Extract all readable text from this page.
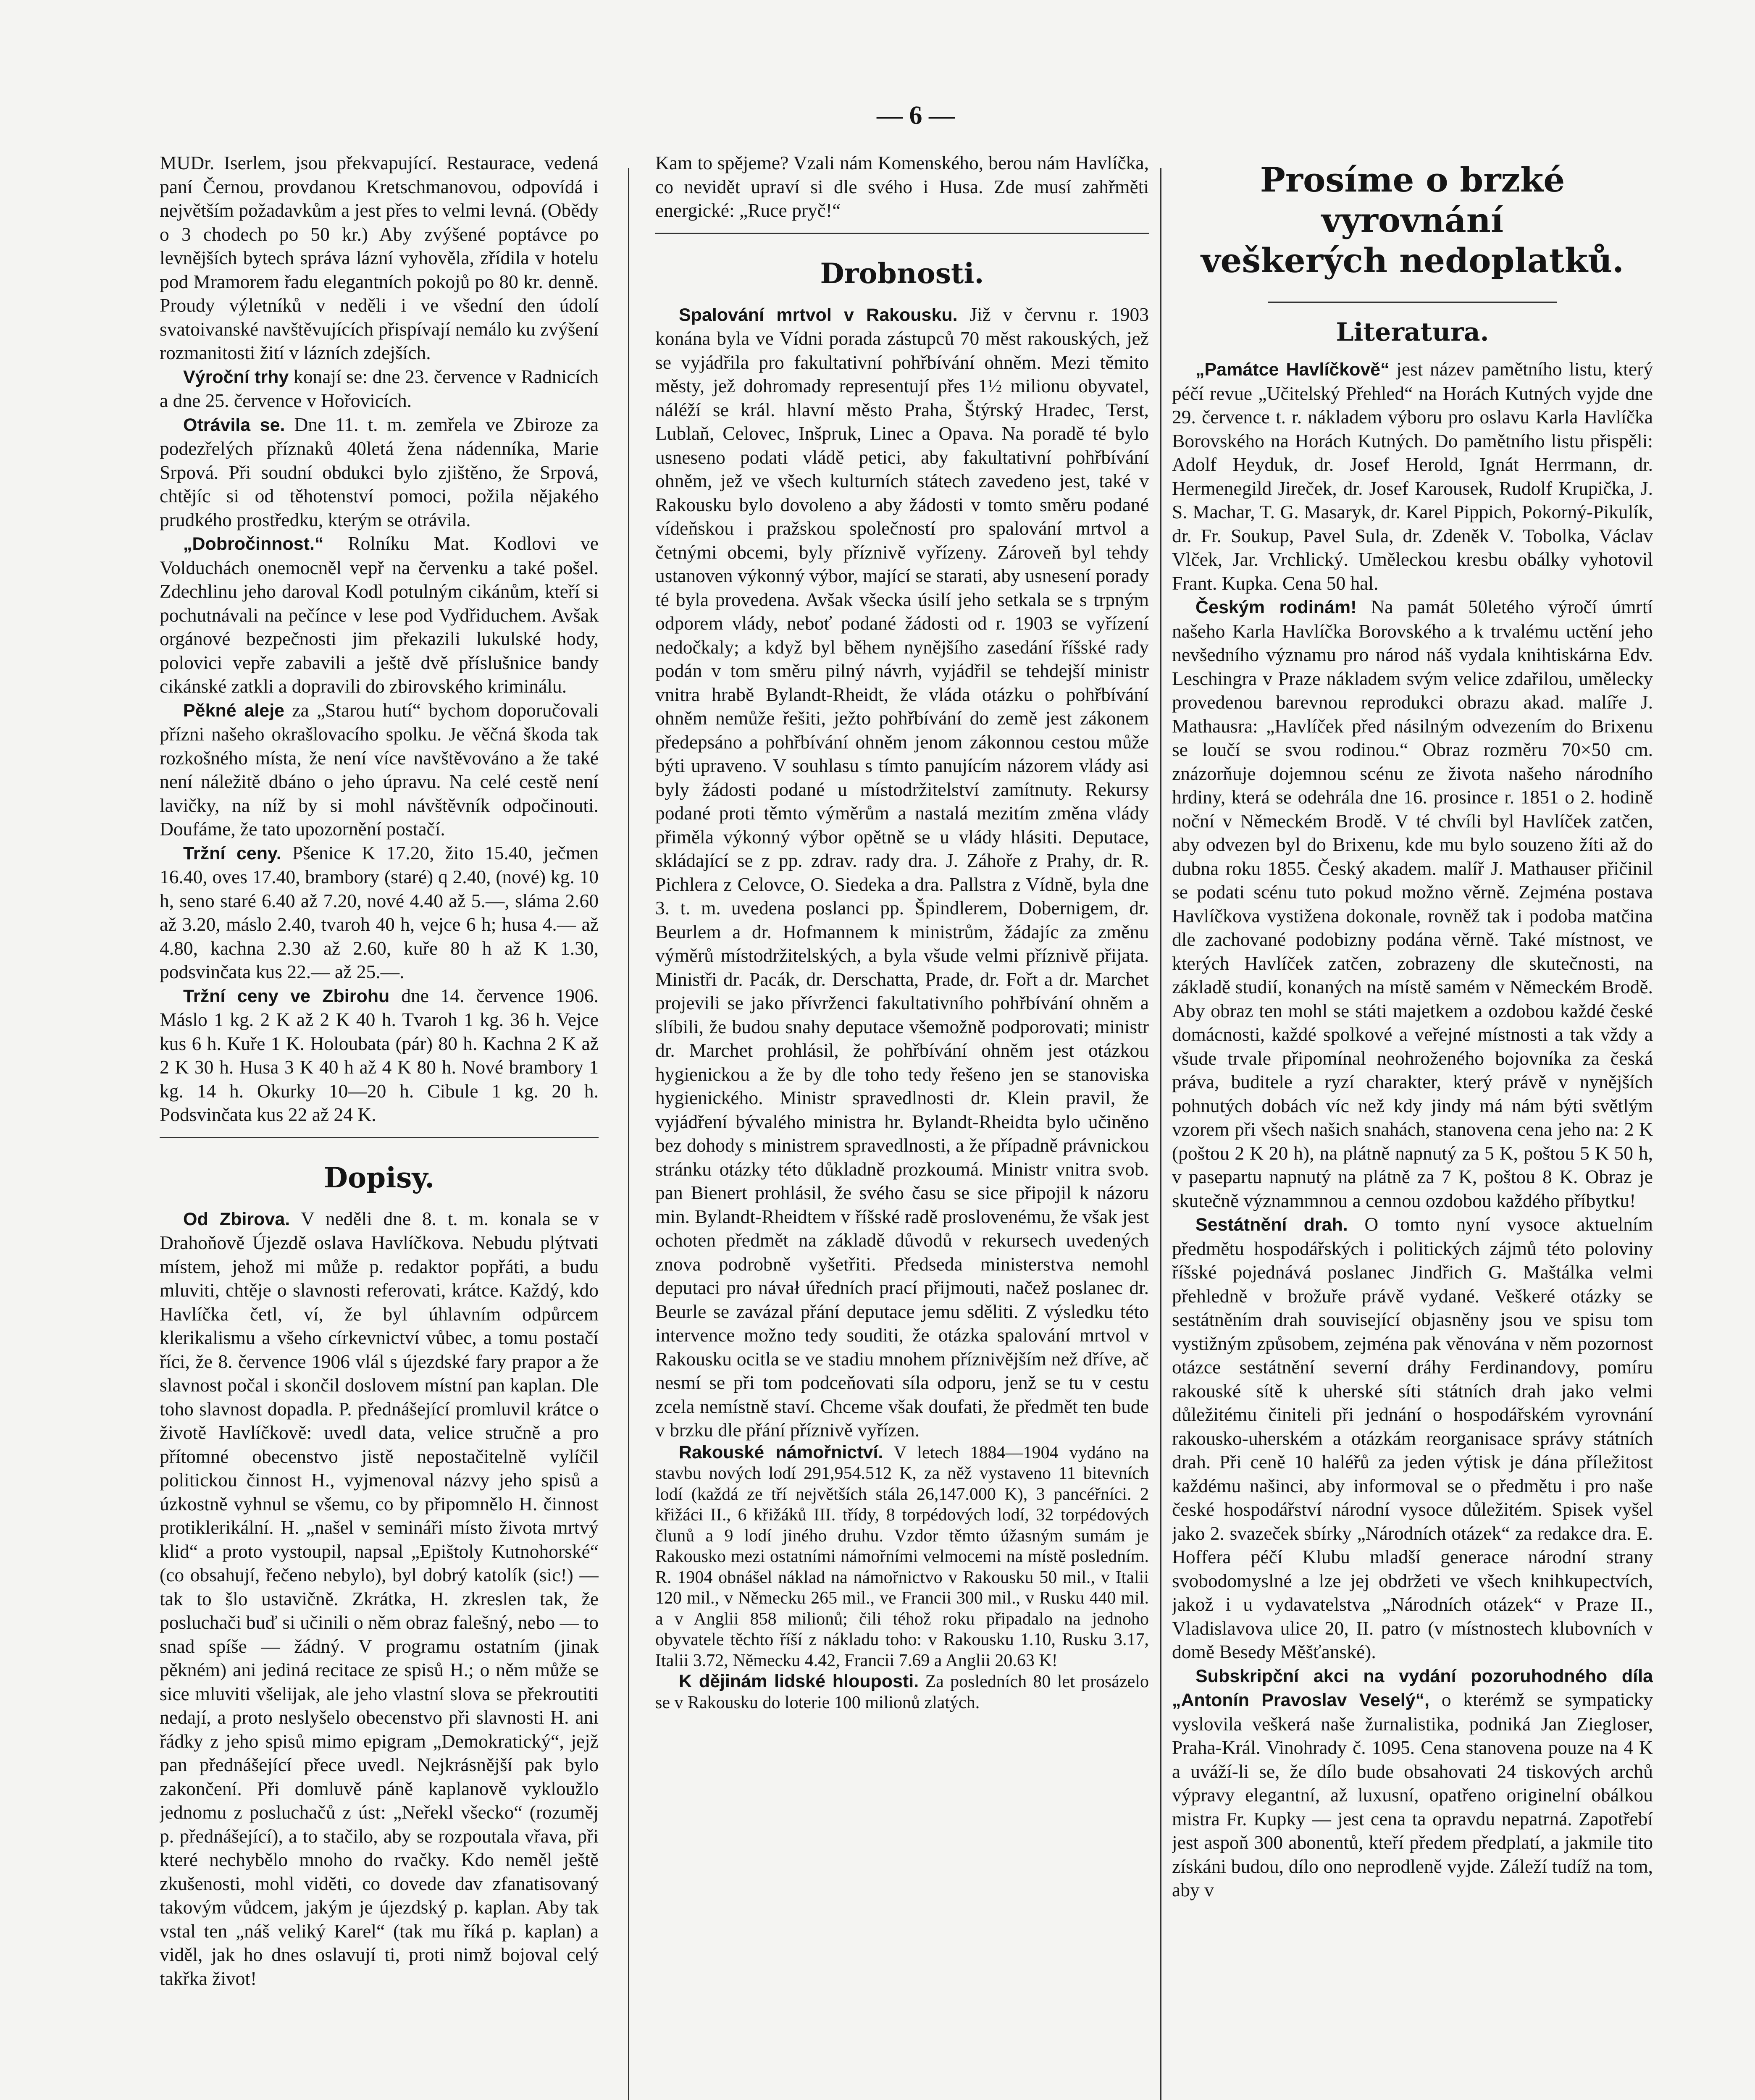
— 6 —

MUDr. Iserlem, jsou překvapující. Restaurace, vedená paní Černou, provdanou Kretschmanovou, odpovídá i největším požadavkům a jest přes to velmi levná. (Obědy o 3 chodech po 50 kr.) Aby zvýšené poptávce po levnějších bytech správa lázní vyhověla, zřídila v hotelu pod Mramorem řadu elegantních pokojů po 80 kr. denně. Proudy výletníků v neděli i ve všední den údolí svatoivanské navštěvujících přispívají nemálo ku zvýšení rozmanitosti žití v lázních zdejších.

Výroční trhy konají se: dne 23. července v Radnicích a dne 25. července v Hořovicích.

Otrávila se. Dne 11. t. m. zemřela ve Zbiroze za podezřelých příznaků 40letá žena nádenníka, Marie Srpová. Při soudní obdukci bylo zjištěno, že Srpová, chtějíc si od těhotenství pomoci, požila nějakého prudkého prostředku, kterým se otrávila.

„Dobročinnost.“ Rolníku Mat. Kodlovi ve Volduchách onemocněl vepř na červenku a také pošel. Zdechlinu jeho daroval Kodl potulným cikánům, kteří si pochutnávali na pečínce v lese pod Vydřiduchem. Avšak orgánové bezpečnosti jim překazili lukulské hody, polovici vepře zabavili a ještě dvě příslušnice bandy cikánské zatkli a dopravili do zbirovského kriminálu.

Pěkné aleje za „Starou hutí“ bychom doporučovali přízni našeho okrašlovacího spolku. Je věčná škoda tak rozkošného místa, že není více navštěvováno a že také není náležitě dbáno o jeho úpravu. Na celé cestě není lavičky, na níž by si mohl návštěvník odpočinouti. Doufáme, že tato upozornění postačí.

Tržní ceny. Pšenice K 17.20, žito 15.40, ječmen 16.40, oves 17.40, brambory (staré) q 2.40, (nové) kg. 10 h, seno staré 6.40 až 7.20, nové 4.40 až 5.—, sláma 2.60 až 3.20, máslo 2.40, tvaroh 40 h, vejce 6 h; husa 4.— až 4.80, kachna 2.30 až 2.60, kuře 80 h až K 1.30, podsvinčata kus 22.— až 25.—.

Tržní ceny ve Zbirohu dne 14. července 1906. Máslo 1 kg. 2 K až 2 K 40 h. Tvaroh 1 kg. 36 h. Vejce kus 6 h. Kuře 1 K. Holoubata (pár) 80 h. Kachna 2 K až 2 K 30 h. Husa 3 K 40 h až 4 K 80 h. Nové brambory 1 kg. 14 h. Okurky 10—20 h. Cibule 1 kg. 20 h. Podsvinčata kus 22 až 24 K.

Dopisy.

Od Zbirova. V neděli dne 8. t. m. konala se v Drahoňově Újezdě oslava Havlíčkova. Nebudu plýtvati místem, jehož mi může p. redaktor popřáti, a budu mluviti, chtěje o slavnosti referovati, krátce. Každý, kdo Havlíčka četl, ví, že byl úhlavním odpůrcem klerikalismu a všeho církevnictví vůbec, a tomu postačí říci, že 8. července 1906 vlál s újezdské fary prapor a že slavnost počal i skončil doslovem místní pan kaplan. Dle toho slavnost dopadla. P. přednášející promluvil krátce o životě Havlíčkově: uvedl data, velice stručně a pro přítomné obecenstvo jistě nepostačitelně vylíčil politickou činnost H., vyjmenoval názvy jeho spisů a úzkostně vyhnul se všemu, co by připomnělo H. činnost protiklerikální. H. „našel v semináři místo života mrtvý klid“ a proto vystoupil, napsal „Epištoly Kutnohorské“ (co obsahují, řečeno nebylo), byl dobrý katolík (sic!) — tak to šlo ustavičně. Zkrátka, H. zkreslen tak, že posluchači buď si učinili o něm obraz falešný, nebo — to snad spíše — žádný. V programu ostatním (jinak pěkném) ani jediná recitace ze spisů H.; o něm může se sice mluviti všelijak, ale jeho vlastní slova se překroutiti nedají, a proto neslyšelo obecenstvo při slavnosti H. ani řádky z jeho spisů mimo epigram „Demokratický“, jejž pan přednášející přece uvedl. Nejkrásnější pak bylo zakončení. Při domluvě páně kaplanově vykloužlo jednomu z posluchačů z úst: „Neřekl všecko“ (rozuměj p. přednášející), a to stačilo, aby se rozpoutala vřava, při které nechybělo mnoho do rvačky. Kdo neměl ještě zkušenosti, mohl viděti, co dovede dav zfanatisovaný takovým vůdcem, jakým je újezdský p. kaplan. Aby tak vstal ten „náš veliký Karel“ (tak mu říká p. kaplan) a viděl, jak ho dnes oslavují ti, proti nimž bojoval celý takřka život!

Kam to spějeme? Vzali nám Komenského, berou nám Havlíčka, co nevidět upraví si dle svého i Husa. Zde musí zahřměti energické: „Ruce pryč!“

Drobnosti.

Spalování mrtvol v Rakousku. Již v červnu r. 1903 konána byla ve Vídni porada zástupců 70 měst rakouských, jež se vyjádřila pro fakultativní pohřbívání ohněm. Mezi těmito městy, jež dohromady representují přes 1½ milionu obyvatel, náléží se král. hlavní město Praha, Štýrský Hradec, Terst, Lublaň, Celovec, Inšpruk, Linec a Opava. Na poradě té bylo usneseno podati vládě petici, aby fakultativní pohřbívání ohněm, jež ve všech kulturních státech zavedeno jest, také v Rakousku bylo dovoleno a aby žádosti v tomto směru podané vídeňskou i pražskou společností pro spalování mrtvol a četnými obcemi, byly příznivě vyřízeny. Zároveň byl tehdy ustanoven výkonný výbor, mající se starati, aby usnesení porady té byla provedena. Avšak všecka úsilí jeho setkala se s trpným odporem vlády, neboť podané žádosti od r. 1903 se vyřízení nedočkaly; a když byl během nynějšího zasedání říšské rady podán v tom směru pilný návrh, vyjádřil se tehdejší ministr vnitra hrabě Bylandt-Rheidt, že vláda otázku o pohřbívání ohněm nemůže řešiti, ježto pohřbívání do země jest zákonem předepsáno a pohřbívání ohněm jenom zákonnou cestou může býti upraveno. V souhlasu s tímto panujícím názorem vlády asi byly žádosti podané u místodržitelství zamítnuty. Rekursy podané proti těmto výměrům a nastalá mezitím změna vlády přiměla výkonný výbor opětně se u vlády hlásiti. Deputace, skládající se z pp. zdrav. rady dra. J. Záhoře z Prahy, dr. R. Pichlera z Celovce, O. Siedeka a dra. Pallstra z Vídně, byla dne 3. t. m. uvedena poslanci pp. Špindlerem, Dobernigem, dr. Beurlem a dr. Hofmannem k ministrům, žádajíc za změnu výměrů místodržitelských, a byla všude velmi příznivě přijata. Ministři dr. Pacák, dr. Derschatta, Prade, dr. Fořt a dr. Marchet projevili se jako přívrženci fakultativního pohřbívání ohněm a slíbili, že budou snahy deputace všemožně podporovati; ministr dr. Marchet prohlásil, že pohřbívání ohněm jest otázkou hygienickou a že by dle toho tedy řešeno jen se stanoviska hygienického. Ministr spravedlnosti dr. Klein pravil, že vyjádření bývalého ministra hr. Bylandt-Rheidta bylo učiněno bez dohody s ministrem spravedlnosti, a že případně právnickou stránku otázky této důkladně prozkoumá. Ministr vnitra svob. pan Bienert prohlásil, že svého času se sice připojil k názoru min. Bylandt-Rheidtem v říšské radě proslovenému, že však jest ochoten předmět na základě důvodů v rekursech uvedených znova podrobně vyšetřiti. Předseda ministerstva nemohl deputaci pro návał úředních prací přijmouti, načež poslanec dr. Beurle se zavázal přání deputace jemu sděliti. Z výsledku této intervence možno tedy souditi, že otázka spalování mrtvol v Rakousku ocitla se ve stadiu mnohem příznivějším než dříve, ač nesmí se při tom podceňovati síla odporu, jenž se tu v cestu zcela nemístně staví. Chceme však doufati, že předmět ten bude v brzku dle přání příznivě vyřízen.

Rakouské námořnictví. V letech 1884—1904 vydáno na stavbu nových lodí 291,954.512 K, za něž vystaveno 11 bitevních lodí (každá ze tří největších stála 26,147.000 K), 3 pancéřníci. 2 křižáci II., 6 křižáků III. třídy, 8 torpédových lodí, 32 torpédových člunů a 9 lodí jiného druhu. Vzdor těmto úžasným sumám je Rakousko mezi ostatními námořními velmocemi na místě posledním. R. 1904 obnášel náklad na námořnictvo v Rakousku 50 mil., v Italii 120 mil., v Německu 265 mil., ve Francii 300 mil., v Rusku 440 mil. a v Anglii 858 milionů; čili téhož roku připadalo na jednoho obyvatele těchto říší z nákladu toho: v Rakousku 1.10, Rusku 3.17, Italii 3.72, Německu 4.42, Francii 7.69 a Anglii 20.63 K!

K dějinám lidské hlouposti. Za posledních 80 let prosázelo se v Rakousku do loterie 100 milionů zlatých.

Prosíme o brzké vyrovnání
veškerých nedoplatků.
Literatura.

„Památce Havlíčkově“ jest název pamětního listu, který péčí revue „Učitelský Přehled“ na Horách Kutných vyjde dne 29. července t. r. nákladem výboru pro oslavu Karla Havlíčka Borovského na Horách Kutných. Do pamětního listu přispěli: Adolf Heyduk, dr. Josef Herold, Ignát Herrmann, dr. Hermenegild Jireček, dr. Josef Karousek, Rudolf Krupička, J. S. Machar, T. G. Masaryk, dr. Karel Pippich, Pokorný-Pikulík, dr. Fr. Soukup, Pavel Sula, dr. Zdeněk V. Tobolka, Václav Vlček, Jar. Vrchlický. Uměleckou kresbu obálky vyhotovil Frant. Kupka. Cena 50 hal.

Českým rodinám! Na památ 50letého výročí úmrtí našeho Karla Havlíčka Borovského a k trvalému uctění jeho nevšedního významu pro národ náš vydala knihtiskárna Edv. Leschingra v Praze nákladem svým velice zdařilou, umělecky provedenou barevnou reprodukci obrazu akad. malíře J. Mathausra: „Havlíček před násilným odvezením do Brixenu se loučí se svou rodinou.“ Obraz rozměru 70×50 cm. znázorňuje dojemnou scénu ze života našeho národního hrdiny, která se odehrála dne 16. prosince r. 1851 o 2. hodině noční v Německém Brodě. V té chvíli byl Havlíček zatčen, aby odvezen byl do Brixenu, kde mu bylo souzeno žíti až do dubna roku 1855. Český akadem. malíř J. Mathauser přičinil se podati scénu tuto pokud možno věrně. Zejména postava Havlíčkova vystižena dokonale, rovněž tak i podoba matčina dle zachované podobizny podána věrně. Také místnost, ve kterých Havlíček zatčen, zobrazeny dle skutečnosti, na základě studií, konaných na místě samém v Německém Brodě. Aby obraz ten mohl se státi majetkem a ozdobou každé české domácnosti, každé spolkové a veřejné místnosti a tak vždy a všude trvale připomínal neohroženého bojovníka za česká práva, buditele a ryzí charakter, který právě v nynějších pohnutých dobách víc než kdy jindy má nám býti světlým vzorem při všech našich snahách, stanovena cena jeho na: 2 K (poštou 2 K 20 h), na plátně napnutý za 5 K, poštou 5 K 50 h, v pasepartu napnutý na plátně za 7 K, poštou 8 K. Obraz je skutečně význammnou a cennou ozdobou každého příbytku!

Sestátnění drah. O tomto nyní vysoce aktuelním předmětu hospodářských i politických zájmů této poloviny říšské pojednává poslanec Jindřich G. Maštálka velmi přehledně v brožuře právě vydané. Veškeré otázky se sestátněním drah související objasněny jsou ve spisu tom vystižným způsobem, zejména pak věnována v něm pozornost otázce sestátnění severní dráhy Ferdinandovy, pomíru rakouské sítě k uherské síti státních drah jako velmi důležitému činiteli při jednání o hospodářském vyrovnání rakousko-uherském a otázkám reorganisace správy státních drah. Při ceně 10 haléřů za jeden výtisk je dána příležitost každému našinci, aby informoval se o předmětu i pro naše české hospodářství národní vysoce důležitém. Spisek vyšel jako 2. svazeček sbírky „Národních otázek“ za redakce dra. E. Hoffera péčí Klubu mladší generace národní strany svobodomyslné a lze jej obdržeti ve všech knihkupectvích, jakož i u vydavatelstva „Národních otázek“ v Praze II., Vladislavova ulice 20, II. patro (v místnostech klubovních v domě Besedy Měšťanské).

Subskripční akci na vydání pozoruhodného díla „Antonín Pravoslav Veselý“, o kterémž se sympaticky vyslovila veškerá naše žurnalistika, podniká Jan Ziegloser, Praha-Král. Vinohrady č. 1095. Cena stanovena pouze na 4 K a uváží-li se, že dílo bude obsahovati 24 tiskových archů výpravy elegantní, až luxusní, opatřeno originelní obálkou mistra Fr. Kupky — jest cena ta opravdu nepatrná. Zapotřebí jest aspoň 300 abonentů, kteří předem předplatí, a jakmile tito získáni budou, dílo ono neprodleně vyjde. Záleží tudíž na tom, aby v
